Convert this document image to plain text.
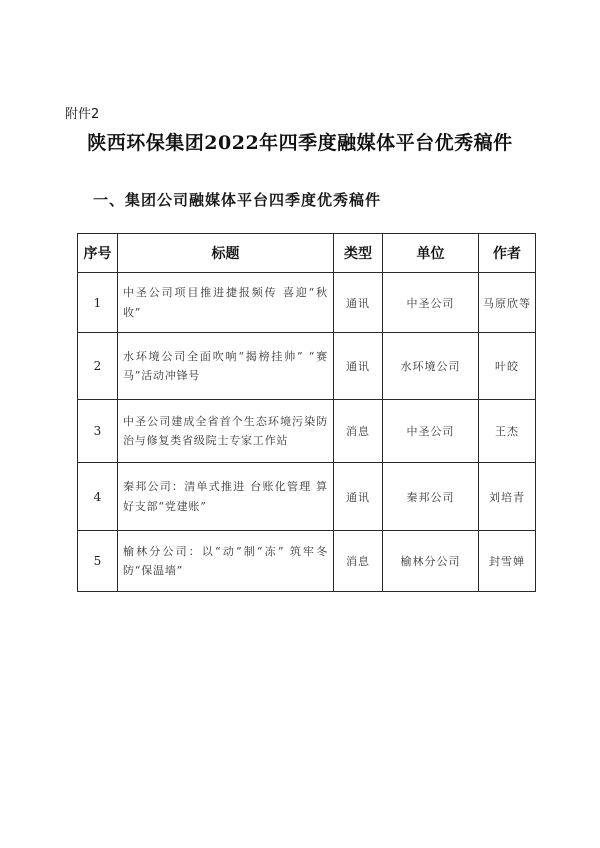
附件2
陕西环保集团2022年四季度融媒体平台优秀稿件
一、集团公司融媒体平台四季度优秀稿件
序号	标题	类型	单位	作者
1	中圣公司项目推进捷报频传 喜迎“秋收”	通讯	中圣公司	马原欣等
2	水环境公司全面吹响“揭榜挂帅” “赛马”活动冲锋号	通讯	水环境公司	叶皎
3	中圣公司建成全省首个生态环境污染防治与修复类省级院士专家工作站	消息	中圣公司	王杰
4	秦邦公司：清单式推进 台账化管理 算好支部“党建账”	通讯	秦邦公司	刘培青
5	榆林分公司：以“动”制“冻” 筑牢冬防“保温墙”	消息	榆林分公司	封雪婵
